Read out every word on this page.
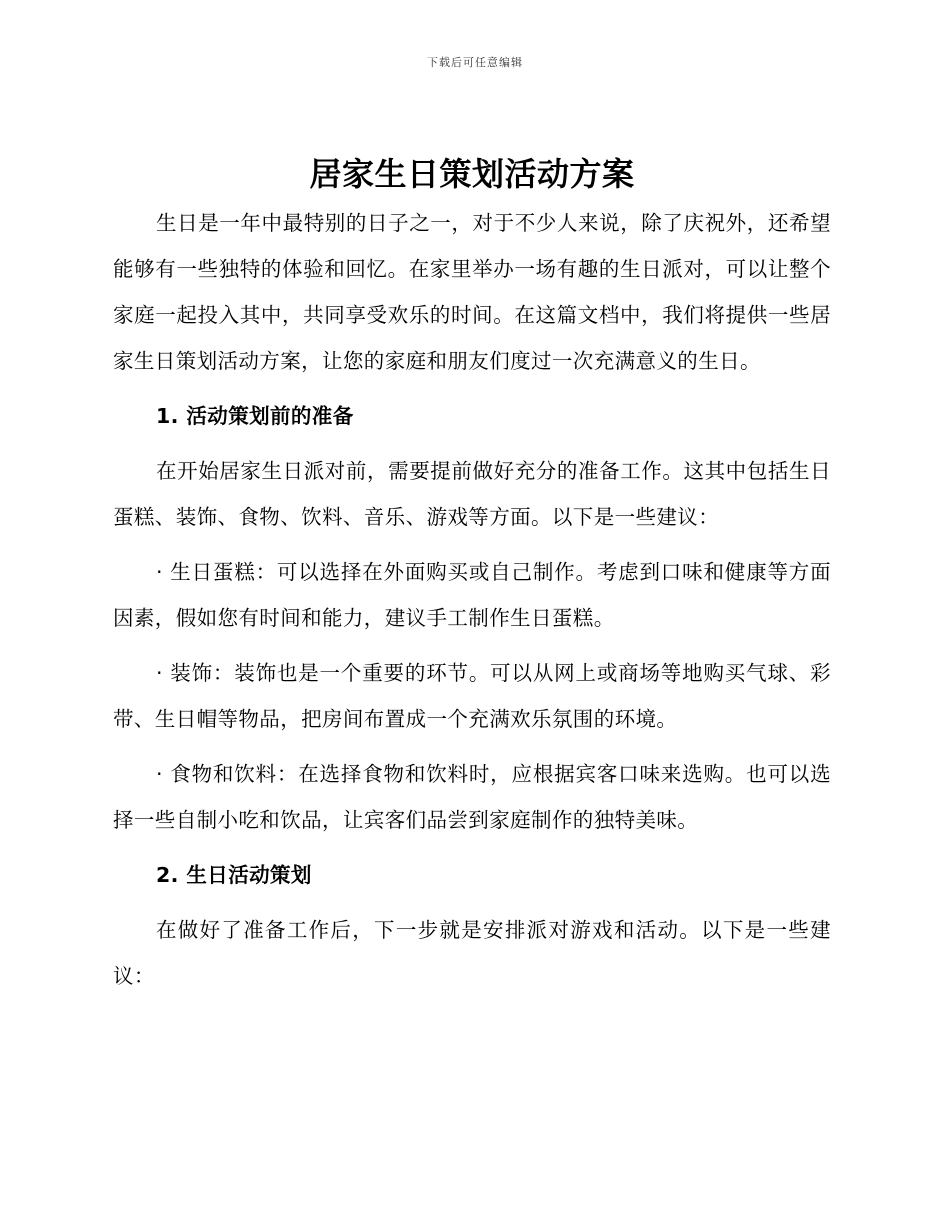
下载后可任意编辑
居家生日策划活动方案

生日是一年中最特别的日子之一，对于不少人来说，除了庆祝外，还希望能够有一些独特的体验和回忆。在家里举办一场有趣的生日派对，可以让整个家庭一起投入其中，共同享受欢乐的时间。在这篇文档中，我们将提供一些居家生日策划活动方案，让您的家庭和朋友们度过一次充满意义的生日。

1. 活动策划前的准备

在开始居家生日派对前，需要提前做好充分的准备工作。这其中包括生日蛋糕、装饰、食物、饮料、音乐、游戏等方面。以下是一些建议：

· 生日蛋糕：可以选择在外面购买或自己制作。考虑到口味和健康等方面因素，假如您有时间和能力，建议手工制作生日蛋糕。

· 装饰：装饰也是一个重要的环节。可以从网上或商场等地购买气球、彩带、生日帽等物品，把房间布置成一个充满欢乐氛围的环境。

· 食物和饮料：在选择食物和饮料时，应根据宾客口味来选购。也可以选择一些自制小吃和饮品，让宾客们品尝到家庭制作的独特美味。

2. 生日活动策划

在做好了准备工作后，下一步就是安排派对游戏和活动。以下是一些建议：
